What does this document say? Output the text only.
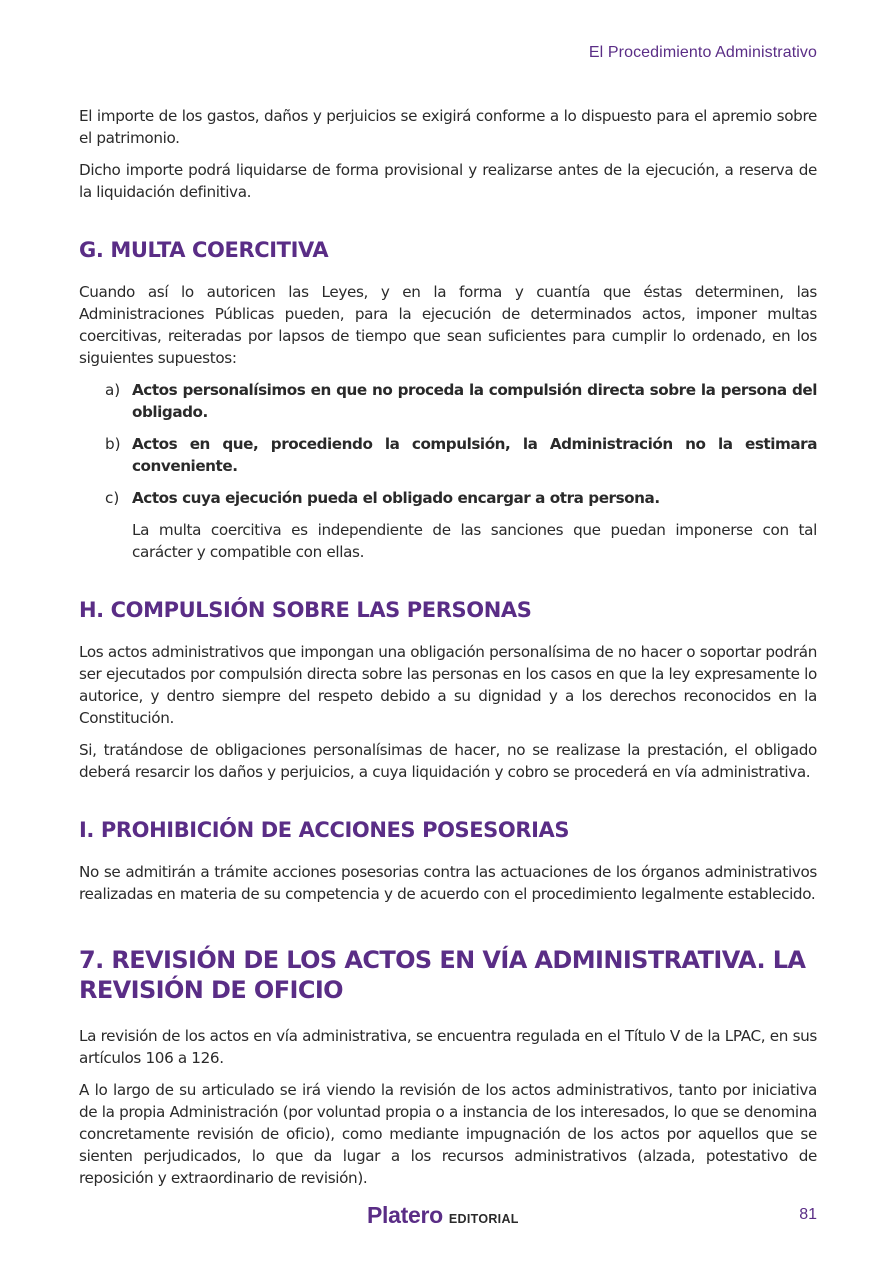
El Procedimiento Administrativo

El importe de los gastos, daños y perjuicios se exigirá conforme a lo dispuesto para el apremio sobre el patrimonio.

Dicho importe podrá liquidarse de forma provisional y realizarse antes de la ejecución, a reserva de la liquidación definitiva.

G. MULTA COERCITIVA

Cuando así lo autoricen las Leyes, y en la forma y cuantía que éstas determinen, las Administraciones Públicas pueden, para la ejecución de determinados actos, imponer multas coercitivas, reiteradas por lapsos de tiempo que sean suficientes para cumplir lo ordenado, en los siguientes supuestos:

a) Actos personalísimos en que no proceda la compulsión directa sobre la persona del obligado.
b) Actos en que, procediendo la compulsión, la Administración no la estimara conveniente.
c) Actos cuya ejecución pueda el obligado encargar a otra persona.

La multa coercitiva es independiente de las sanciones que puedan imponerse con tal carácter y compatible con ellas.

H. COMPULSIÓN SOBRE LAS PERSONAS

Los actos administrativos que impongan una obligación personalísima de no hacer o soportar podrán ser ejecutados por compulsión directa sobre las personas en los casos en que la ley expresamente lo autorice, y dentro siempre del respeto debido a su dignidad y a los derechos reconocidos en la Constitución.

Si, tratándose de obligaciones personalísimas de hacer, no se realizase la prestación, el obligado deberá resarcir los daños y perjuicios, a cuya liquidación y cobro se procederá en vía administrativa.

I. PROHIBICIÓN DE ACCIONES POSESORIAS

No se admitirán a trámite acciones posesorias contra las actuaciones de los órganos administrativos realizadas en materia de su competencia y de acuerdo con el procedimiento legalmente establecido.

7. REVISIÓN DE LOS ACTOS EN VÍA ADMINISTRATIVA. LA REVISIÓN DE OFICIO

La revisión de los actos en vía administrativa, se encuentra regulada en el Título V de la LPAC, en sus artículos 106 a 126.

A lo largo de su articulado se irá viendo la revisión de los actos administrativos, tanto por iniciativa de la propia Administración (por voluntad propia o a instancia de los interesados, lo que se denomina concretamente revisión de oficio), como mediante impugnación de los actos por aquellos que se sienten perjudicados, lo que da lugar a los recursos administrativos (alzada, potestativo de reposición y extraordinario de revisión).

Platero EDITORIAL	81
